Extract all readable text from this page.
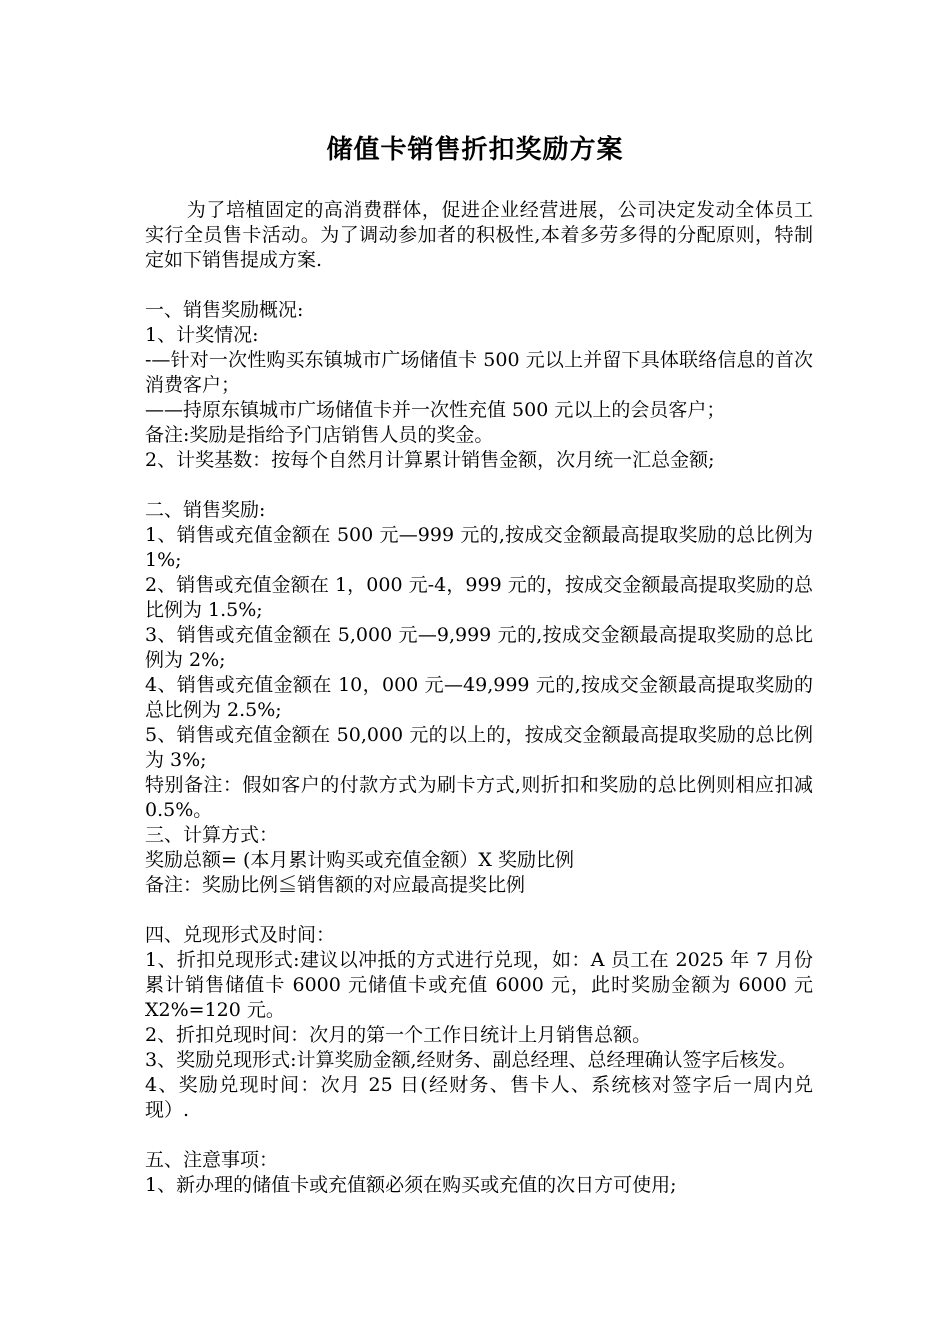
储值卡销售折扣奖励方案

为了培植固定的高消费群体，促进企业经营进展，公司决定发动全体员工实行全员售卡活动。为了调动参加者的积极性,本着多劳多得的分配原则，特制定如下销售提成方案.

一、销售奖励概况:

1、计奖情况:

-—针对一次性购买东镇城市广场储值卡 500 元以上并留下具体联络信息的首次消费客户；

——持原东镇城市广场储值卡并一次性充值 500 元以上的会员客户；

备注:奖励是指给予门店销售人员的奖金。

2、计奖基数：按每个自然月计算累计销售金额，次月统一汇总金额;

二、销售奖励:

1、销售或充值金额在 500 元—999 元的,按成交金额最高提取奖励的总比例为 1%;

2、销售或充值金额在 1，000 元-4，999 元的，按成交金额最高提取奖励的总比例为 1.5%;

3、销售或充值金额在 5,000 元—9,999 元的,按成交金额最高提取奖励的总比例为 2%;

4、销售或充值金额在 10，000 元—49,999 元的,按成交金额最高提取奖励的总比例为 2.5%;

5、销售或充值金额在 50,000 元的以上的，按成交金额最高提取奖励的总比例为 3%;

特别备注：假如客户的付款方式为刷卡方式,则折扣和奖励的总比例则相应扣减 0.5%。

三、计算方式：

奖励总额= (本月累计购买或充值金额）X 奖励比例

备注：奖励比例≦销售额的对应最高提奖比例

四、兑现形式及时间：

1、折扣兑现形式:建议以冲抵的方式进行兑现，如：A 员工在 2025 年 7 月份累计销售储值卡 6000 元储值卡或充值 6000 元，此时奖励金额为 6000 元　X2%=120 元。

2、折扣兑现时间：次月的第一个工作日统计上月销售总额。

3、奖励兑现形式:计算奖励金额,经财务、副总经理、总经理确认签字后核发。

4、奖励兑现时间：次月 25 日(经财务、售卡人、系统核对签字后一周内兑现）.

五、注意事项：

1、新办理的储值卡或充值额必须在购买或充值的次日方可使用;
